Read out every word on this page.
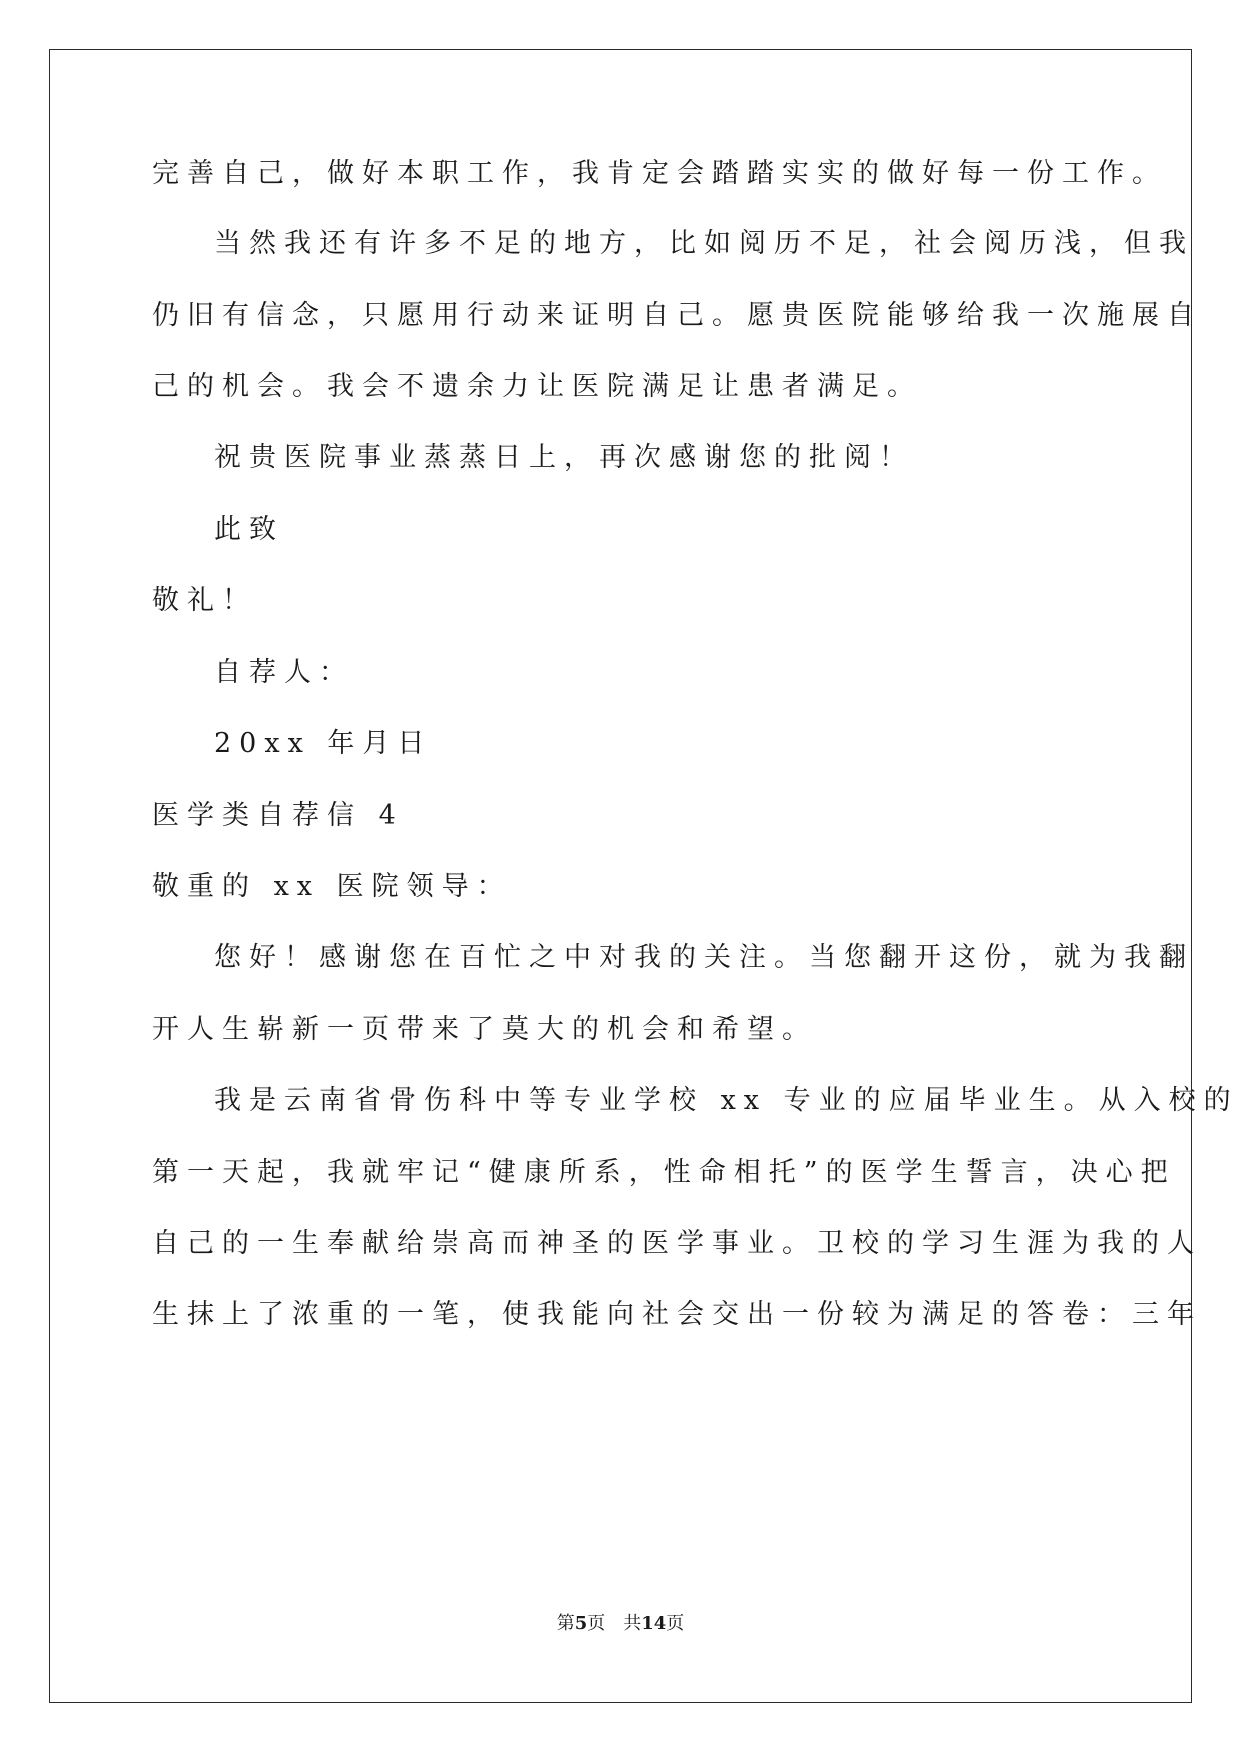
完善自己，做好本职工作，我肯定会踏踏实实的做好每一份工作。
当然我还有许多不足的地方，比如阅历不足，社会阅历浅，但我
仍旧有信念，只愿用行动来证明自己。愿贵医院能够给我一次施展自
己的机会。我会不遗余力让医院满足让患者满足。
祝贵医院事业蒸蒸日上，再次感谢您的批阅！
此致
敬礼！
自荐人：
20xx 年月日
医学类自荐信 4
敬重的 xx 医院领导：
您好！感谢您在百忙之中对我的关注。当您翻开这份，就为我翻
开人生崭新一页带来了莫大的机会和希望。
我是云南省骨伤科中等专业学校 xx 专业的应届毕业生。从入校的
第一天起，我就牢记“健康所系，性命相托”的医学生誓言，决心把
自己的一生奉献给崇高而神圣的医学事业。卫校的学习生涯为我的人
生抹上了浓重的一笔，使我能向社会交出一份较为满足的答卷：三年
第5页　共14页
